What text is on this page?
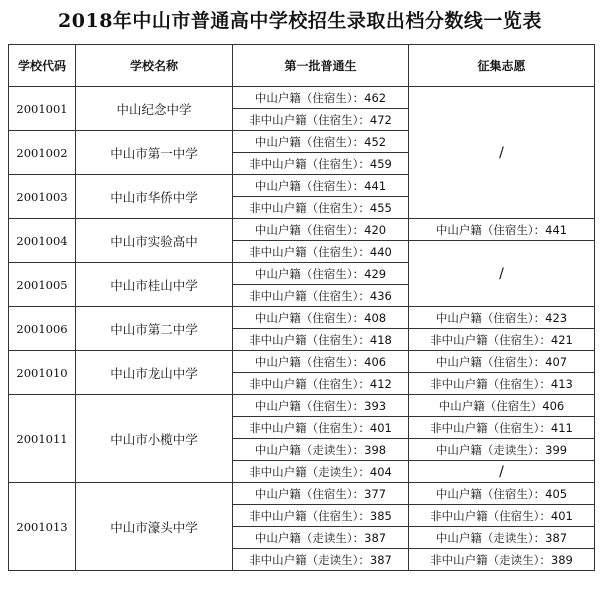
2018年中山市普通高中学校招生录取出档分数线一览表
学校代码	学校名称	第一批普通生	征集志愿
2001001	中山纪念中学	中山户籍（住宿生）：462	/
		非中山户籍（住宿生）：472	
2001002	中山市第一中学	中山户籍（住宿生）：452	
		非中山户籍（住宿生）：459	
2001003	中山市华侨中学	中山户籍（住宿生）：441	
		非中山户籍（住宿生）：455	
2001004	中山市实验高中	中山户籍（住宿生）：420	中山户籍（住宿生）：441
		非中山户籍（住宿生）：440	/
2001005	中山市桂山中学	中山户籍（住宿生）：429	
		非中山户籍（住宿生）：436	
2001006	中山市第二中学	中山户籍（住宿生）：408	中山户籍（住宿生）：423
		非中山户籍（住宿生）：418	非中山户籍（住宿生）：421
2001010	中山市龙山中学	中山户籍（住宿生）：406	中山户籍（住宿生）：407
		非中山户籍（住宿生）：412	非中山户籍（住宿生）：413
2001011	中山市小榄中学	中山户籍（住宿生）：393	中山户籍（住宿生）406
		非中山户籍（住宿生）：401	非中山户籍（住宿生）：411
		中山户籍（走读生）：398	中山户籍（走读生）：399
		非中山户籍（走读生）：404	/
2001013	中山市濠头中学	中山户籍（住宿生）：377	中山户籍（住宿生）：405
		非中山户籍（住宿生）：385	非中山户籍（住宿生）：401
		中山户籍（走读生）：387	中山户籍（走读生）：387
		非中山户籍（走读生）：387	非中山户籍（走读生）：389
